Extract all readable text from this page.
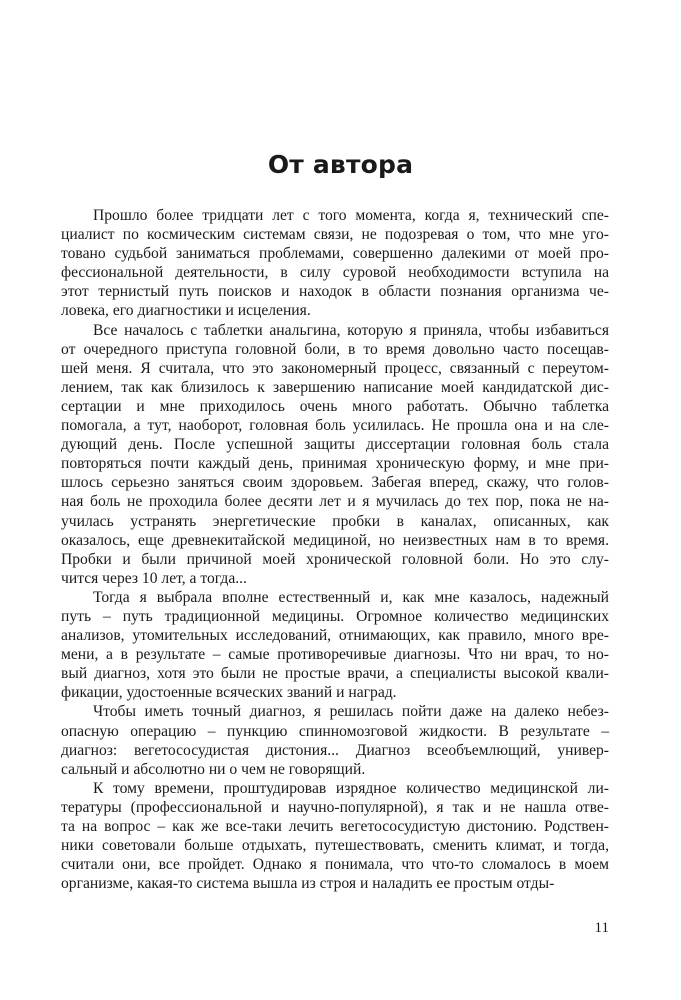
От автора
Прошло более тридцати лет с того момента, когда я, технический спе-
циалист по космическим системам связи, не подозревая о том, что мне уго-
товано судьбой заниматься проблемами, совершенно далекими от моей про-
фессиональной деятельности, в силу суровой необходимости вступила на
этот тернистый путь поисков и находок в области познания организма че-
ловека, его диагностики и исцеления.
Все началось с таблетки анальгина, которую я приняла, чтобы избавиться
от очередного приступа головной боли, в то время довольно часто посещав-
шей меня. Я считала, что это закономерный процесс, связанный с переутом-
лением, так как близилось к завершению написание моей кандидатской дис-
сертации и мне приходилось очень много работать. Обычно таблетка
помогала, а тут, наоборот, головная боль усилилась. Не прошла она и на сле-
дующий день. После успешной защиты диссертации головная боль стала
повторяться почти каждый день, принимая хроническую форму, и мне при-
шлось серьезно заняться своим здоровьем. Забегая вперед, скажу, что голов-
ная боль не проходила более десяти лет и я мучилась до тех пор, пока не на-
училась устранять энергетические пробки в каналах, описанных, как
оказалось, еще древнекитайской медициной, но неизвестных нам в то время.
Пробки и были причиной моей хронической головной боли. Но это слу-
чится через 10 лет, а тогда...
Тогда я выбрала вполне естественный и, как мне казалось, надежный
путь – путь традиционной медицины. Огромное количество медицинских
анализов, утомительных исследований, отнимающих, как правило, много вре-
мени, а в результате – самые противоречивые диагнозы. Что ни врач, то но-
вый диагноз, хотя это были не простые врачи, а специалисты высокой квали-
фикации, удостоенные всяческих званий и наград.
Чтобы иметь точный диагноз, я решилась пойти даже на далеко небез-
опасную операцию – пункцию спинномозговой жидкости. В результате –
диагноз: вегетососудистая дистония... Диагноз всеобъемлющий, универ-
сальный и абсолютно ни о чем не говорящий.
К тому времени, проштудировав изрядное количество медицинской ли-
тературы (профессиональной и научно-популярной), я так и не нашла отве-
та на вопрос – как же все-таки лечить вегетососудистую дистонию. Родствен-
ники советовали больше отдыхать, путешествовать, сменить климат, и тогда,
считали они, все пройдет. Однако я понимала, что что-то сломалось в моем
организме, какая-то система вышла из строя и наладить ее простым отды-
11
